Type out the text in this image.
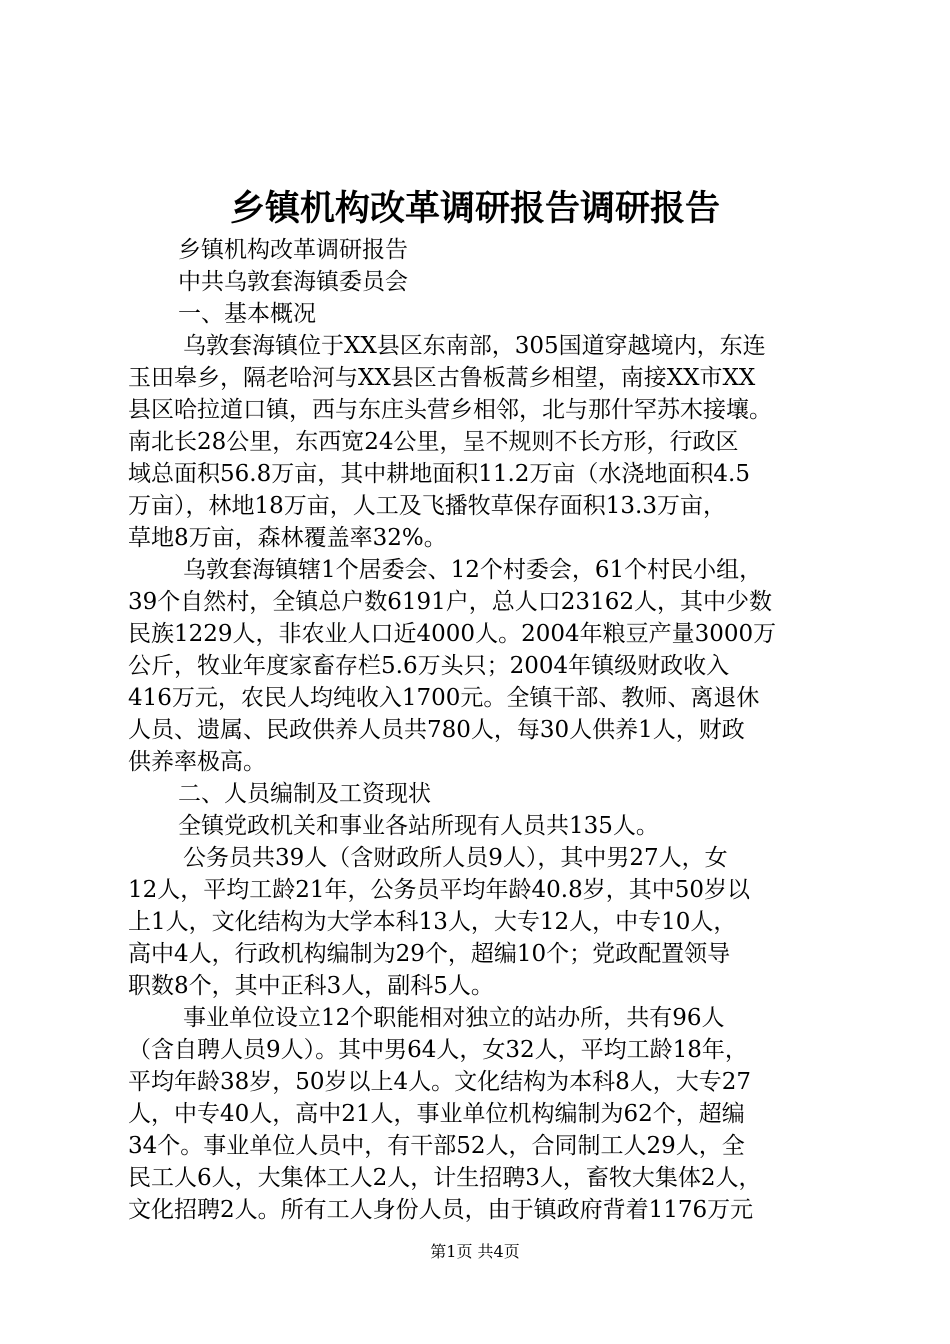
乡镇机构改革调研报告调研报告
乡镇机构改革调研报告
中共乌敦套海镇委员会
一、基本概况
乌敦套海镇位于XX县区东南部，305国道穿越境内，东连
玉田皋乡，隔老哈河与XX县区古鲁板蒿乡相望，南接XX市XX
县区哈拉道口镇，西与东庄头营乡相邻，北与那什罕苏木接壤。
南北长28公里，东西宽24公里，呈不规则不长方形，行政区
域总面积56.8万亩，其中耕地面积11.2万亩（水浇地面积4.5
万亩），林地18万亩，人工及飞播牧草保存面积13.3万亩，
草地8万亩，森林覆盖率32%。
乌敦套海镇辖1个居委会、12个村委会，61个村民小组，
39个自然村，全镇总户数6191户，总人口23162人，其中少数
民族1229人，非农业人口近4000人。2004年粮豆产量3000万
公斤，牧业年度家畜存栏5.6万头只；2004年镇级财政收入
416万元，农民人均纯收入1700元。全镇干部、教师、离退休
人员、遗属、民政供养人员共780人，每30人供养1人，财政
供养率极高。
二、人员编制及工资现状
全镇党政机关和事业各站所现有人员共135人。
公务员共39人（含财政所人员9人），其中男27人，女
12人，平均工龄21年，公务员平均年龄40.8岁，其中50岁以
上1人，文化结构为大学本科13人，大专12人，中专10人，
高中4人，行政机构编制为29个，超编10个；党政配置领导
职数8个，其中正科3人，副科5人。
事业单位设立12个职能相对独立的站办所，共有96人
（含自聘人员9人）。其中男64人，女32人，平均工龄18年，
平均年龄38岁，50岁以上4人。文化结构为本科8人，大专27
人，中专40人，高中21人，事业单位机构编制为62个，超编
34个。事业单位人员中，有干部52人，合同制工人29人，全
民工人6人，大集体工人2人，计生招聘3人，畜牧大集体2人，
文化招聘2人。所有工人身份人员，由于镇政府背着1176万元
第1页 共4页
